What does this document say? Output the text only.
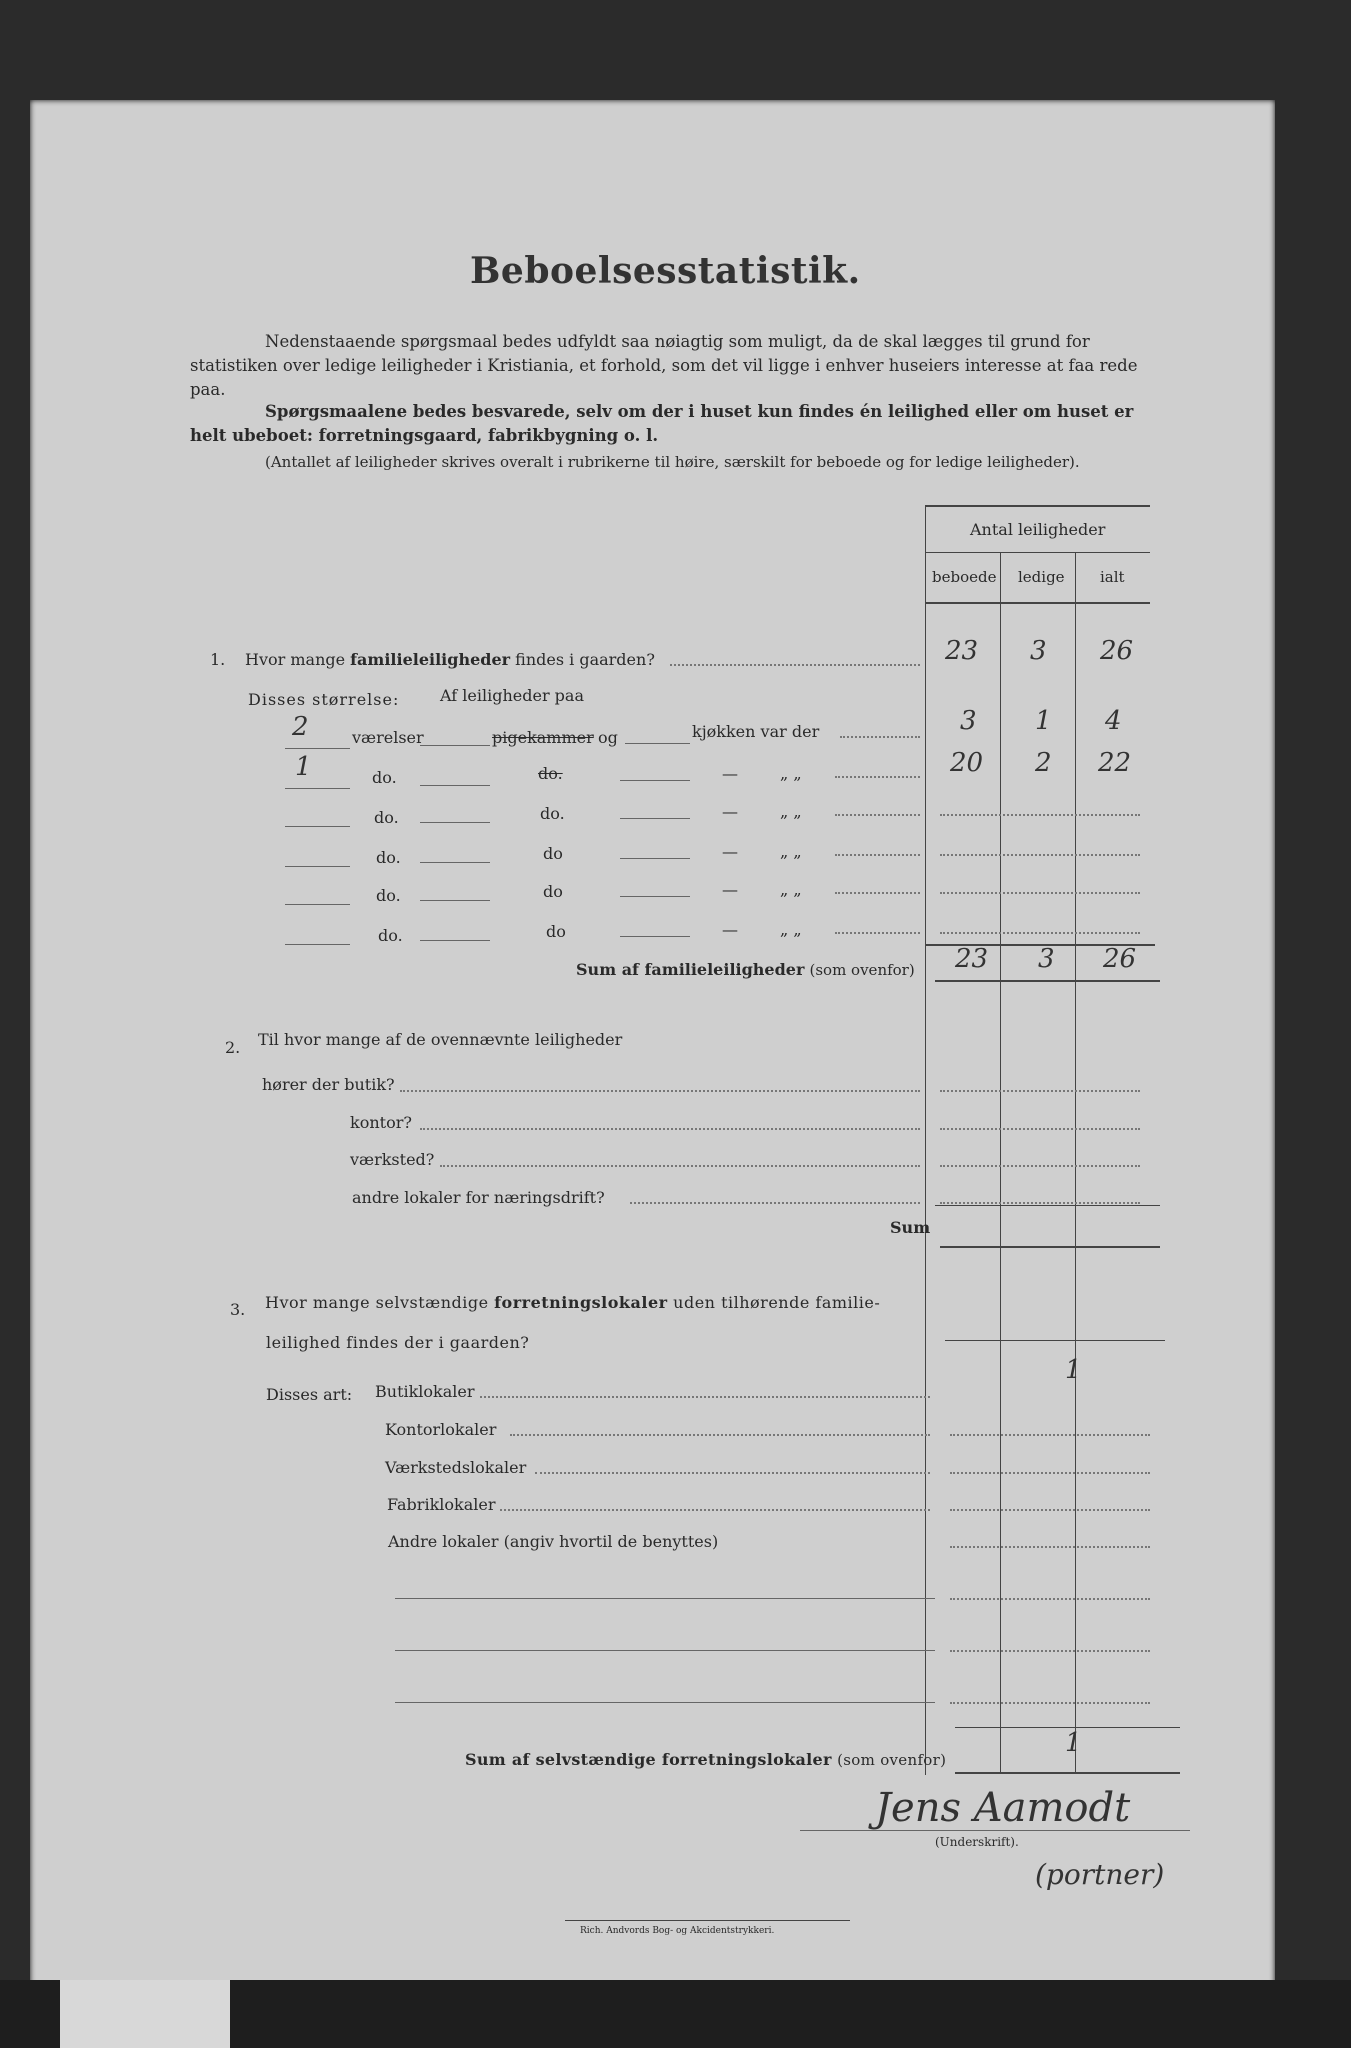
Beboelsesstatistik.
Nedenstaaende spørgsmaal bedes udfyldt saa nøiagtig som muligt, da de skal lægges til grund for statistiken over ledige leiligheder i Kristiania, et forhold, som det vil ligge i enhver huseiers interesse at faa rede paa.
Spørgsmaalene bedes besvarede, selv om der i huset kun findes én leilighed eller om huset er helt ubeboet: forretningsgaard, fabrikbygning o. l.
(Antallet af leiligheder skrives overalt i rubrikerne til høire, særskilt for beboede og for ledige leiligheder).
Antal leiligheder
beboede ledige ialt
1. Hvor mange familieleiligheder findes i gaarden?	23 3 26
Disses størrelse:	Af leiligheder paa
2	værelser	pigekammer og	kjøkken var der	3 1 4
1	do.	do.	—	„ „	20 2 22
do.	do.	—	„ „
do.	do	—	„ „
do.	do	—	„ „
do.	do	—	„ „
Sum af familieleiligheder (som ovenfor) 23 3 26
2. Til hvor mange af de ovennævnte leiligheder
hører der butik?
kontor?
værksted?
andre lokaler for næringsdrift?
Sum
3. Hvor mange selvstændige forretningslokaler uden tilhørende familie-
leilighed findes der i gaarden?
Disses art: Butiklokaler
1
Kontorlokaler
Værkstedslokaler
Fabriklokaler
Andre lokaler (angiv hvortil de benyttes)
Sum af selvstændige forretningslokaler (som ovenfor)
1
Jens Aamodt
(Underskrift).
(portner)
Rich. Andvords Bog- og Akcidentstrykkeri.
